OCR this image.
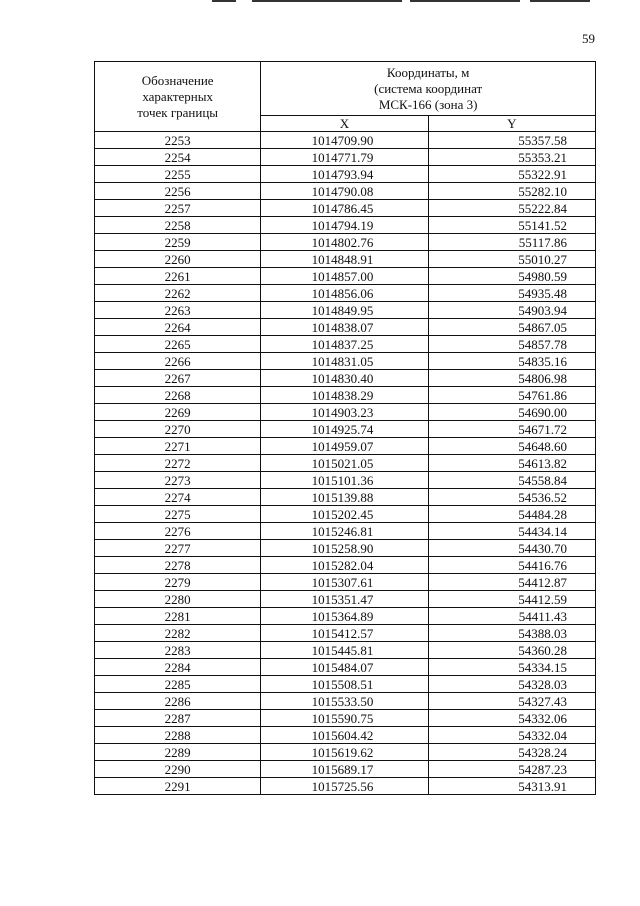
59
Обозначение
характерных
точек границы	Координаты, м
(система координат
МСК-166 (зона 3)	

	X	Y
2253	1014709.90	55357.58
2254	1014771.79	55353.21
2255	1014793.94	55322.91
2256	1014790.08	55282.10
2257	1014786.45	55222.84
2258	1014794.19	55141.52
2259	1014802.76	55117.86
2260	1014848.91	55010.27
2261	1014857.00	54980.59
2262	1014856.06	54935.48
2263	1014849.95	54903.94
2264	1014838.07	54867.05
2265	1014837.25	54857.78
2266	1014831.05	54835.16
2267	1014830.40	54806.98
2268	1014838.29	54761.86
2269	1014903.23	54690.00
2270	1014925.74	54671.72
2271	1014959.07	54648.60
2272	1015021.05	54613.82
2273	1015101.36	54558.84
2274	1015139.88	54536.52
2275	1015202.45	54484.28
2276	1015246.81	54434.14
2277	1015258.90	54430.70
2278	1015282.04	54416.76
2279	1015307.61	54412.87
2280	1015351.47	54412.59
2281	1015364.89	54411.43
2282	1015412.57	54388.03
2283	1015445.81	54360.28
2284	1015484.07	54334.15
2285	1015508.51	54328.03
2286	1015533.50	54327.43
2287	1015590.75	54332.06
2288	1015604.42	54332.04
2289	1015619.62	54328.24
2290	1015689.17	54287.23
2291	1015725.56	54313.91
